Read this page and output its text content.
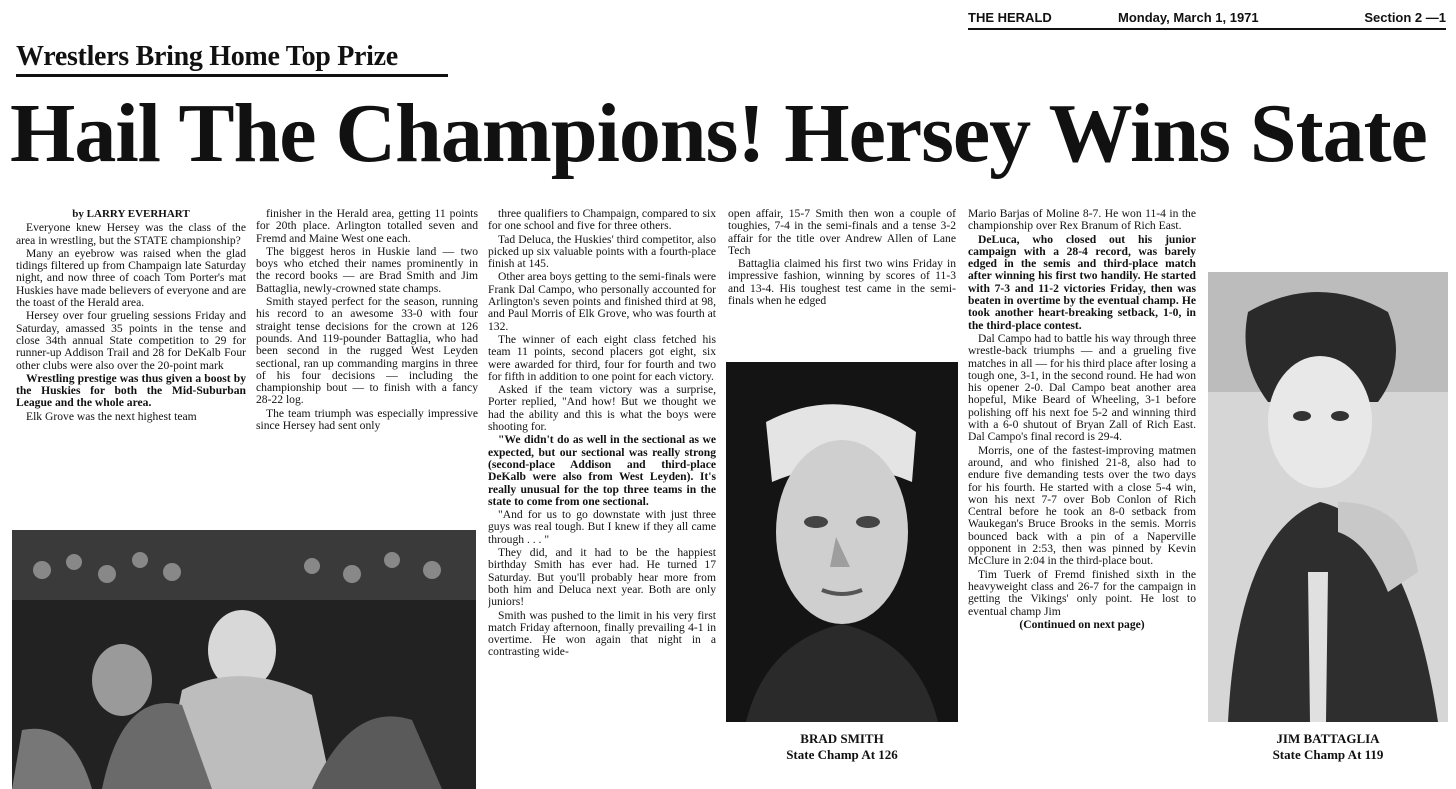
THE HERALD	Monday, March 1, 1971	Section 2 —1
Wrestlers Bring Home Top Prize
Hail The Champions! Hersey Wins State

by LARRY EVERHART

Everyone knew Hersey was the class of the area in wrestling, but the STATE championship?

Many an eyebrow was raised when the glad tidings filtered up from Champaign late Saturday night, and now three of coach Tom Porter's mat Huskies have made believers of everyone and are the toast of the Herald area.

Hersey over four grueling sessions Friday and Saturday, amassed 35 points in the tense and close 34th annual State competition to 29 for runner-up Addison Trail and 28 for DeKalb Four other clubs were also over the 20-point mark

Wrestling prestige was thus given a boost by the Huskies for both the Mid-Suburban League and the whole area.

Elk Grove was the next highest team

finisher in the Herald area, getting 11 points for 20th place. Arlington totalled seven and Fremd and Maine West one each.

The biggest heros in Huskie land — two boys who etched their names prominently in the record books — are Brad Smith and Jim Battaglia, newly-crowned state champs.

Smith stayed perfect for the season, running his record to an awesome 33-0 with four straight tense decisions for the crown at 126 pounds. And 119-pounder Battaglia, who had been second in the rugged West Leyden sectional, ran up commanding margins in three of his four decisions — including the championship bout — to finish with a fancy 28-22 log.

The team triumph was especially impressive since Hersey had sent only

three qualifiers to Champaign, compared to six for one school and five for three others.

Tad Deluca, the Huskies' third competitor, also picked up six valuable points with a fourth-place finish at 145.

Other area boys getting to the semi-finals were Frank Dal Campo, who personally accounted for Arlington's seven points and finished third at 98, and Paul Morris of Elk Grove, who was fourth at 132.

The winner of each eight class fetched his team 11 points, second placers got eight, six were awarded for third, four for fourth and two for fifth in addition to one point for each victory.

Asked if the team victory was a surprise, Porter replied, "And how! But we thought we had the ability and this is what the boys were shooting for.

"We didn't do as well in the sectional as we expected, but our sectional was really strong (second-place Addison and third-place DeKalb were also from West Leyden). It's really unusual for the top three teams in the state to come from one sectional.

"And for us to go downstate with just three guys was real tough. But I knew if they all came through . . . "

They did, and it had to be the happiest birthday Smith has ever had. He turned 17 Saturday. But you'll probably hear more from both him and Deluca next year. Both are only juniors!

Smith was pushed to the limit in his very first match Friday afternoon, finally prevailing 4-1 in overtime. He won again that night in a contrasting wide-

open affair, 15-7 Smith then won a couple of toughies, 7-4 in the semi-finals and a tense 3-2 affair for the title over Andrew Allen of Lane Tech

Battaglia claimed his first two wins Friday in impressive fashion, winning by scores of 11-3 and 13-4. His toughest test came in the semi-finals when he edged

Mario Barjas of Moline 8-7. He won 11-4 in the championship over Rex Branum of Rich East.

DeLuca, who closed out his junior campaign with a 28-4 record, was barely edged in the semis and third-place match after winning his first two handily. He started with 7-3 and 11-2 victories Friday, then was beaten in overtime by the eventual champ. He took another heart-breaking setback, 1-0, in the third-place contest.

Dal Campo had to battle his way through three wrestle-back triumphs — and a grueling five matches in all — for his third place after losing a tough one, 3-1, in the second round. He had won his opener 2-0. Dal Campo beat another area hopeful, Mike Beard of Wheeling, 3-1 before polishing off his next foe 5-2 and winning third with a 6-0 shutout of Bryan Zall of Rich East. Dal Campo's final record is 29-4.

Morris, one of the fastest-improving matmen around, and who finished 21-8, also had to endure five demanding tests over the two days for his fourth. He started with a close 5-4 win, won his next 7-7 over Bob Conlon of Rich Central before he took an 8-0 setback from Waukegan's Bruce Brooks in the semis. Morris bounced back with a pin of a Naperville opponent in 2:53, then was pinned by Kevin McClure in 2:04 in the third-place bout.

Tim Tuerk of Fremd finished sixth in the heavyweight class and 26-7 for the campaign in getting the Vikings' only point. He lost to eventual champ Jim

(Continued on next page)

BRAD SMITH
State Champ At 126
JIM BATTAGLIA
State Champ At 119
